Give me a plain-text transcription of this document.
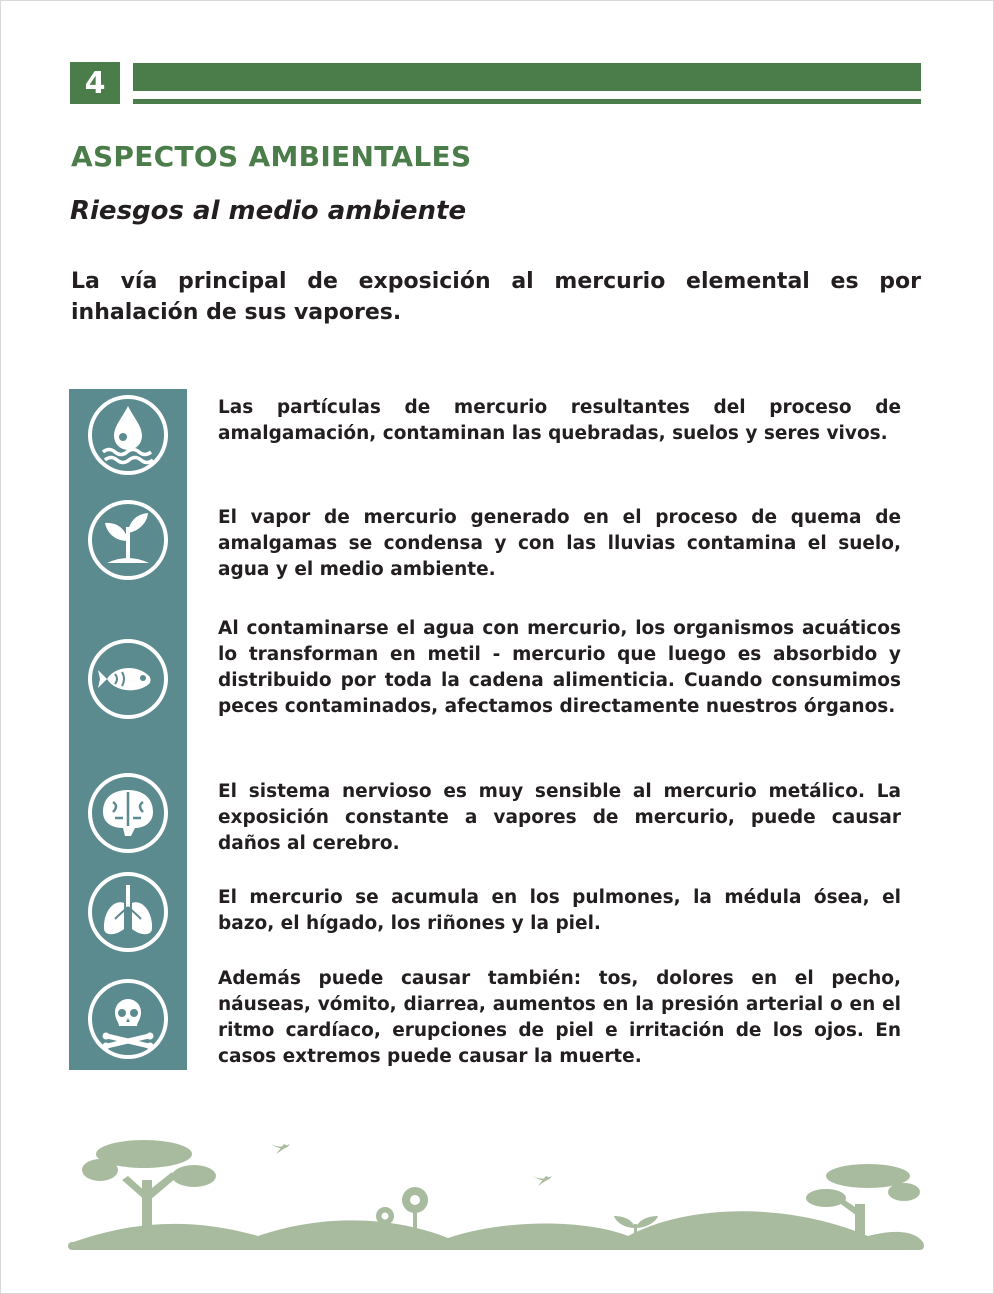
4
ASPECTOS AMBIENTALES
Riesgos al medio ambiente

La vía principal de exposición al mercurio elemental es por inhalación de sus vapores.

Las partículas de mercurio resultantes del proceso de amalgamación, contaminan las quebradas, suelos y seres vivos.

El vapor de mercurio generado en el proceso de quema de amalgamas se condensa y con las lluvias contamina el suelo, agua y el medio ambiente.

Al contaminarse el agua con mercurio, los organismos acuáticos lo transforman en metil - mercurio que luego es absorbido y distribuido por toda la cadena alimenticia. Cuando consumimos peces contaminados, afectamos directamente nuestros órganos.

El sistema nervioso es muy sensible al mercurio metálico. La exposición constante a vapores de mercurio, puede causar daños al cerebro.

El mercurio se acumula en los pulmones, la médula ósea, el bazo, el hígado, los riñones y la piel.

Además puede causar también: tos, dolores en el pecho, náuseas, vómito, diarrea, aumentos en la presión arterial o en el ritmo cardíaco, erupciones de piel e irritación de los ojos. En casos extremos puede causar la muerte.
